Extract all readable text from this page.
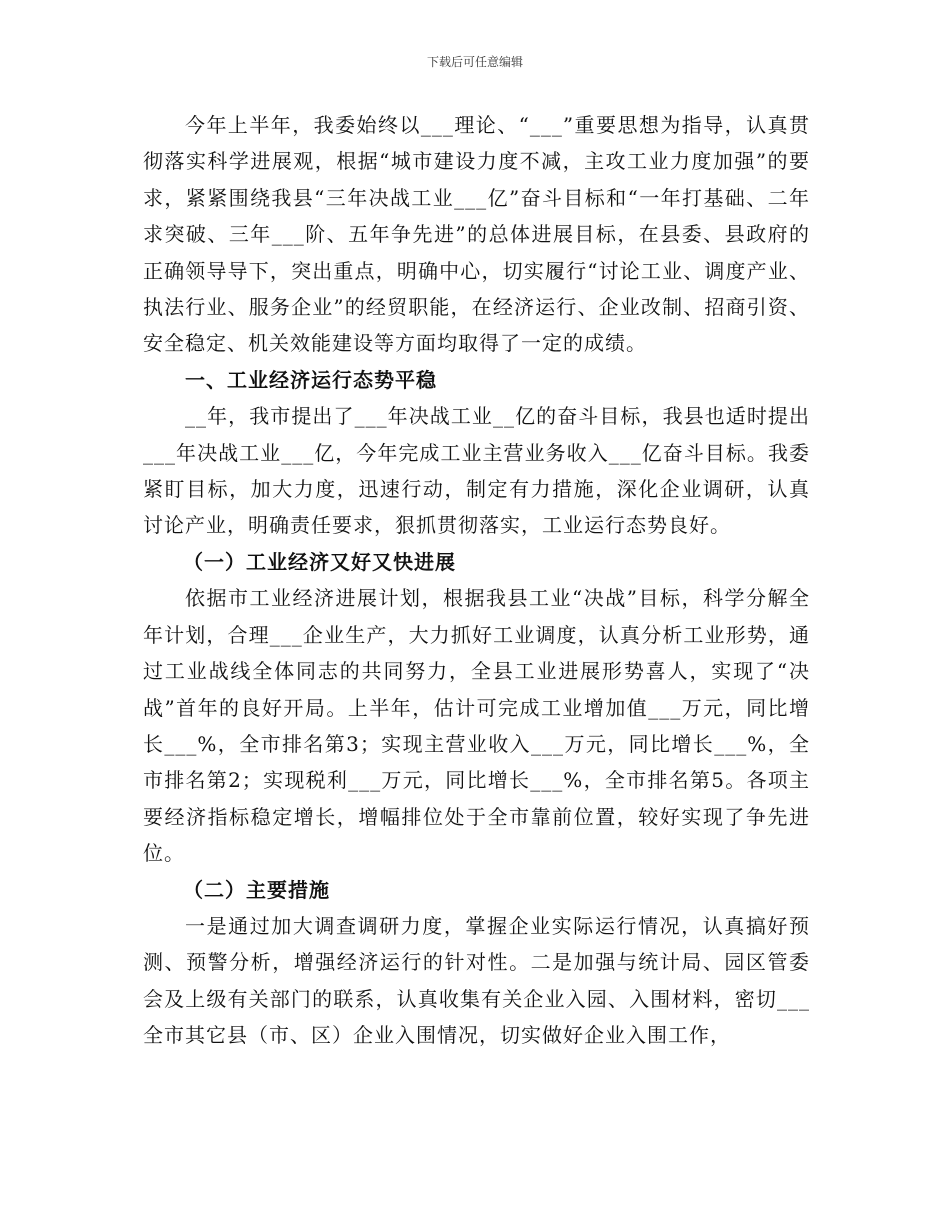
下载后可任意编辑

今年上半年，我委始终以___理论、“___”重要思想为指导，认真贯彻落实科学进展观，根据“城市建设力度不减，主攻工业力度加强”的要求，紧紧围绕我县“三年决战工业___亿”奋斗目标和“一年打基础、二年求突破、三年___阶、五年争先进”的总体进展目标，在县委、县政府的正确领导导下，突出重点，明确中心，切实履行“讨论工业、调度产业、执法行业、服务企业”的经贸职能，在经济运行、企业改制、招商引资、安全稳定、机关效能建设等方面均取得了一定的成绩。

一、工业经济运行态势平稳

__年，我市提出了___年决战工业__亿的奋斗目标，我县也适时提出___年决战工业___亿，今年完成工业主营业务收入___亿奋斗目标。我委紧盯目标，加大力度，迅速行动，制定有力措施，深化企业调研，认真讨论产业，明确责任要求，狠抓贯彻落实，工业运行态势良好。

（一）工业经济又好又快进展

依据市工业经济进展计划，根据我县工业“决战”目标，科学分解全年计划，合理___企业生产，大力抓好工业调度，认真分析工业形势，通过工业战线全体同志的共同努力，全县工业进展形势喜人，实现了“决战”首年的良好开局。上半年，估计可完成工业增加值___万元，同比增长___%，全市排名第3；实现主营业收入___万元，同比增长___%，全市排名第2；实现税利___万元，同比增长___%，全市排名第5。各项主要经济指标稳定增长，增幅排位处于全市靠前位置，较好实现了争先进位。

（二）主要措施

一是通过加大调查调研力度，掌握企业实际运行情况，认真搞好预测、预警分析，增强经济运行的针对性。二是加强与统计局、园区管委会及上级有关部门的联系，认真收集有关企业入园、入围材料，密切___全市其它县（市、区）企业入围情况，切实做好企业入围工作，
